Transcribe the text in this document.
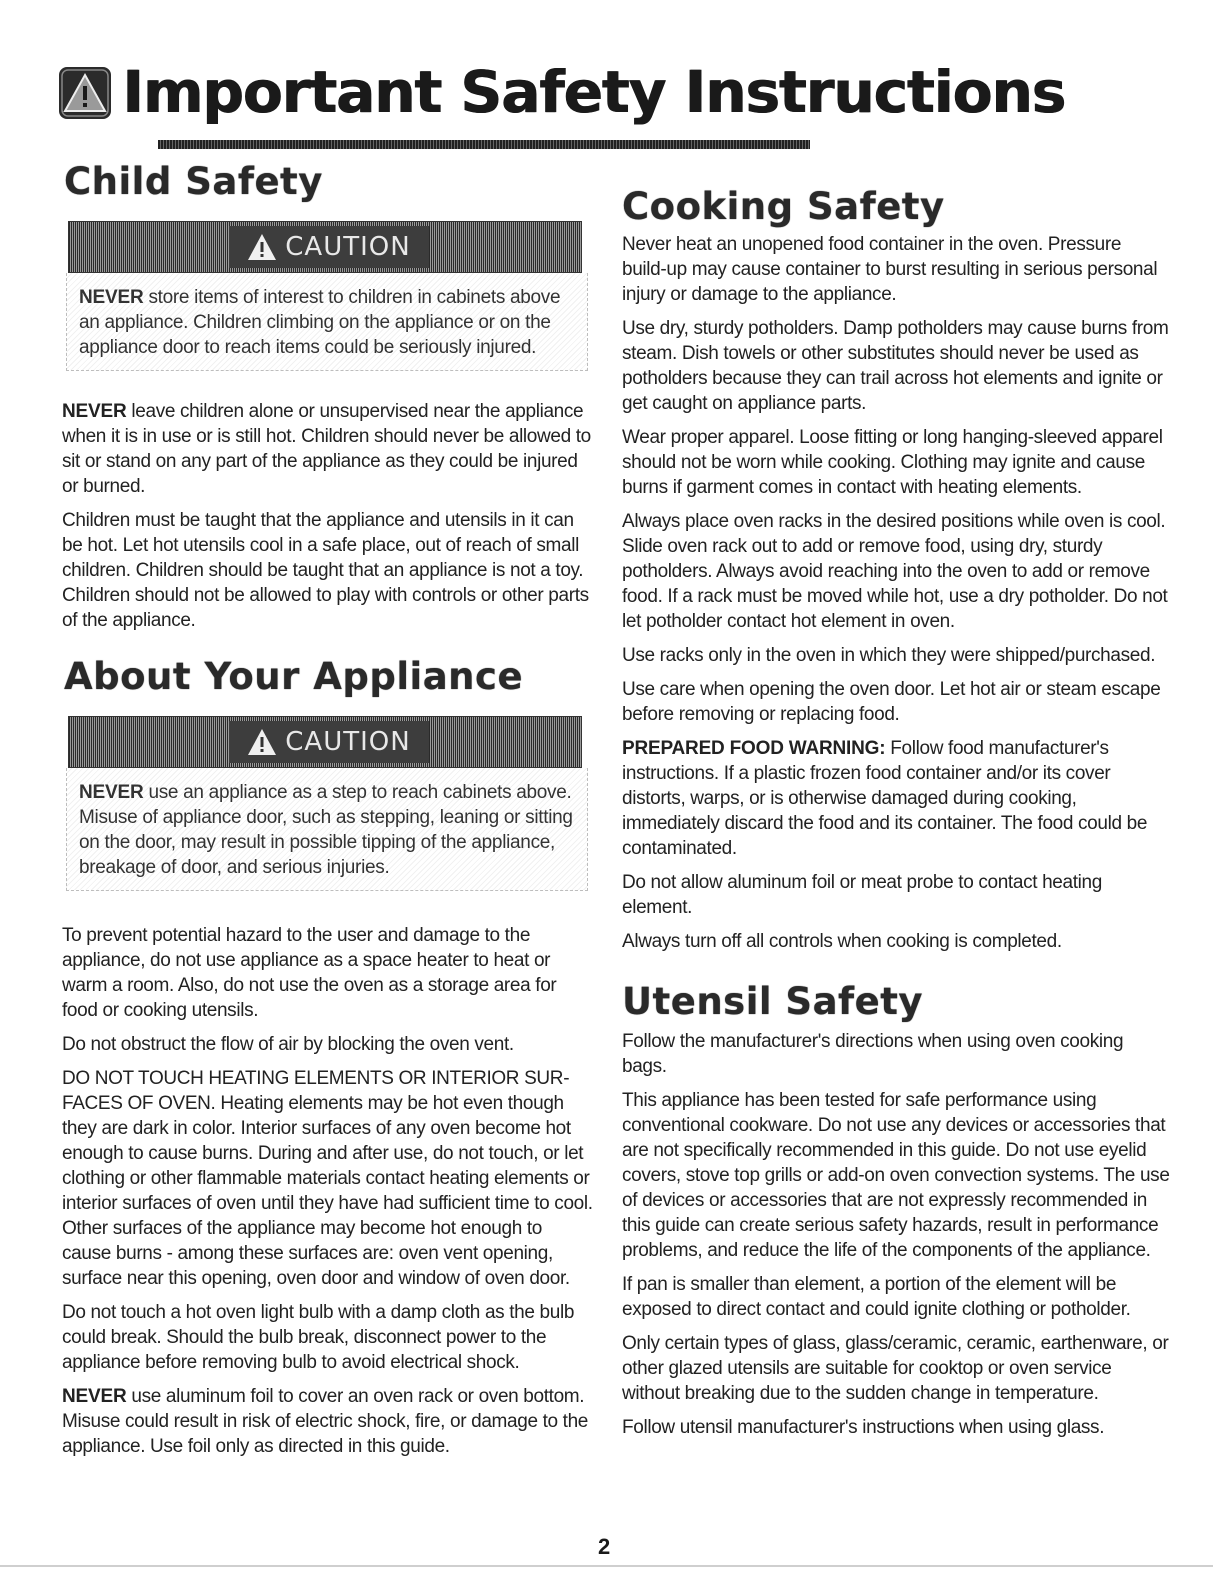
Important Safety Instructions
Child Safety
CAUTION

NEVER store items of interest to children in cabinets above an appliance. Children climbing on the appliance or on the appliance door to reach items could be seriously injured.

NEVER leave children alone or unsupervised near the appliance when it is in use or is still hot. Children should never be allowed to sit or stand on any part of the appliance as they could be injured or burned.

Children must be taught that the appliance and utensils in it can be hot. Let hot utensils cool in a safe place, out of reach of small children. Children should be taught that an appliance is not a toy. Children should not be allowed to play with controls or other parts of the appliance.

About Your Appliance
CAUTION

NEVER use an appliance as a step to reach cabinets above. Misuse of appliance door, such as stepping, leaning or sitting on the door, may result in possible tipping of the appliance, breakage of door, and serious injuries.

To prevent potential hazard to the user and damage to the appliance, do not use appliance as a space heater to heat or warm a room. Also, do not use the oven as a storage area for food or cooking utensils.

Do not obstruct the flow of air by blocking the oven vent.

DO NOT TOUCH HEATING ELEMENTS OR INTERIOR SURFACES OF OVEN. Heating elements may be hot even though they are dark in color. Interior surfaces of any oven become hot enough to cause burns. During and after use, do not touch, or let clothing or other flammable materials contact heating elements or interior surfaces of oven until they have had sufficient time to cool. Other surfaces of the appliance may become hot enough to cause burns - among these surfaces are: oven vent opening, surface near this opening, oven door and window of oven door.

Do not touch a hot oven light bulb with a damp cloth as the bulb could break. Should the bulb break, disconnect power to the appliance before removing bulb to avoid electrical shock.

NEVER use aluminum foil to cover an oven rack or oven bottom. Misuse could result in risk of electric shock, fire, or damage to the appliance. Use foil only as directed in this guide.

Cooking Safety

Never heat an unopened food container in the oven. Pressure build-up may cause container to burst resulting in serious personal injury or damage to the appliance.

Use dry, sturdy potholders. Damp potholders may cause burns from steam. Dish towels or other substitutes should never be used as potholders because they can trail across hot elements and ignite or get caught on appliance parts.

Wear proper apparel. Loose fitting or long hanging-sleeved apparel should not be worn while cooking. Clothing may ignite and cause burns if garment comes in contact with heating elements.

Always place oven racks in the desired positions while oven is cool. Slide oven rack out to add or remove food, using dry, sturdy potholders. Always avoid reaching into the oven to add or remove food. If a rack must be moved while hot, use a dry potholder. Do not let potholder contact hot element in oven.

Use racks only in the oven in which they were shipped/purchased.

Use care when opening the oven door. Let hot air or steam escape before removing or replacing food.

PREPARED FOOD WARNING: Follow food manufacturer's instructions. If a plastic frozen food container and/or its cover distorts, warps, or is otherwise damaged during cooking, immediately discard the food and its container. The food could be contaminated.

Do not allow aluminum foil or meat probe to contact heating element.

Always turn off all controls when cooking is completed.

Utensil Safety

Follow the manufacturer's directions when using oven cooking bags.

This appliance has been tested for safe performance using conventional cookware. Do not use any devices or accessories that are not specifically recommended in this guide. Do not use eyelid covers, stove top grills or add-on oven convection systems. The use of devices or accessories that are not expressly recommended in this guide can create serious safety hazards, result in performance problems, and reduce the life of the components of the appliance.

If pan is smaller than element, a portion of the element will be exposed to direct contact and could ignite clothing or potholder.

Only certain types of glass, glass/ceramic, ceramic, earthenware, or other glazed utensils are suitable for cooktop or oven service without breaking due to the sudden change in temperature.

Follow utensil manufacturer's instructions when using glass.

2
